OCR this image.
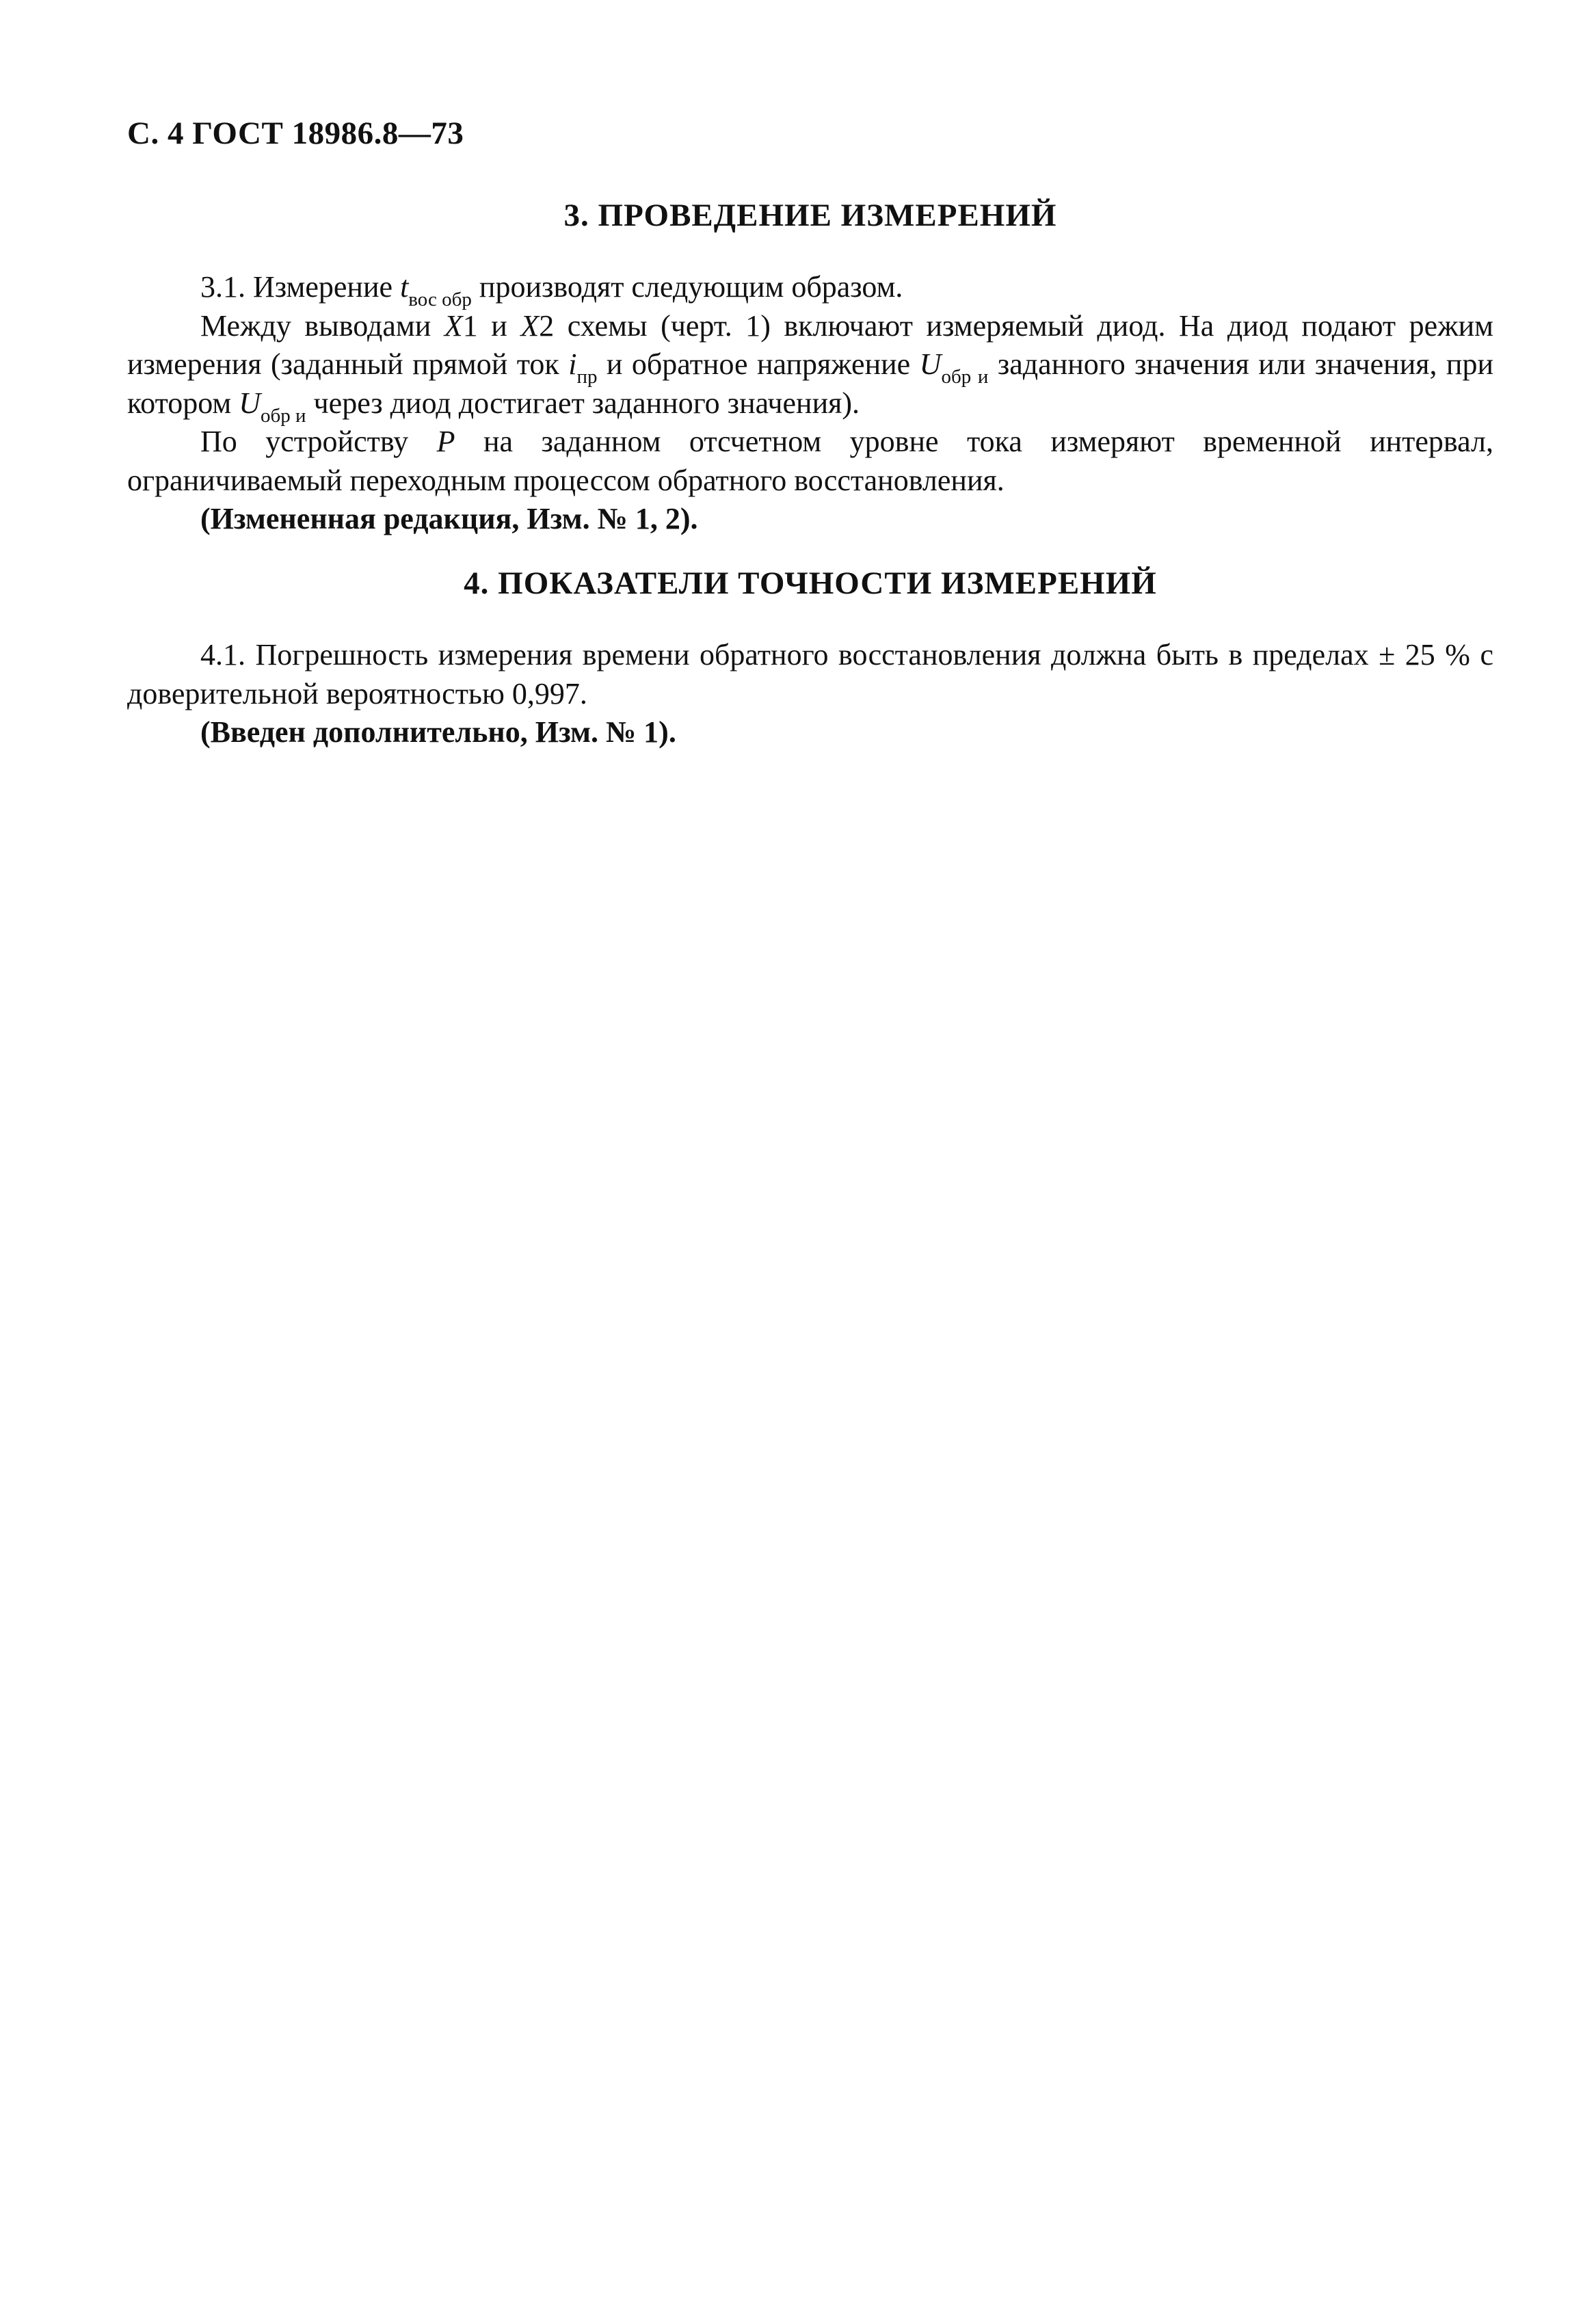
С. 4 ГОСТ 18986.8—73
3. ПРОВЕДЕНИЕ ИЗМЕРЕНИЙ

3.1. Измерение $t_{вос обр}$ производят следующим образом.

Между выводами X1 и X2 схемы (черт. 1) включают измеряемый диод. На диод подают режим измерения (заданный прямой ток $i_{пр}$ и обратное напряжение $U_{обр и}$ заданного значения или значения, при котором $U_{обр и}$ через диод достигает заданного значения).

По устройству P на заданном отсчетном уровне тока измеряют временной интервал, ограничиваемый переходным процессом обратного восстановления.

(Измененная редакция, Изм. № 1, 2).

4. ПОКАЗАТЕЛИ ТОЧНОСТИ ИЗМЕРЕНИЙ

4.1. Погрешность измерения времени обратного восстановления должна быть в пределах ± 25 % с доверительной вероятностью 0,997.

(Введен дополнительно, Изм. № 1).
